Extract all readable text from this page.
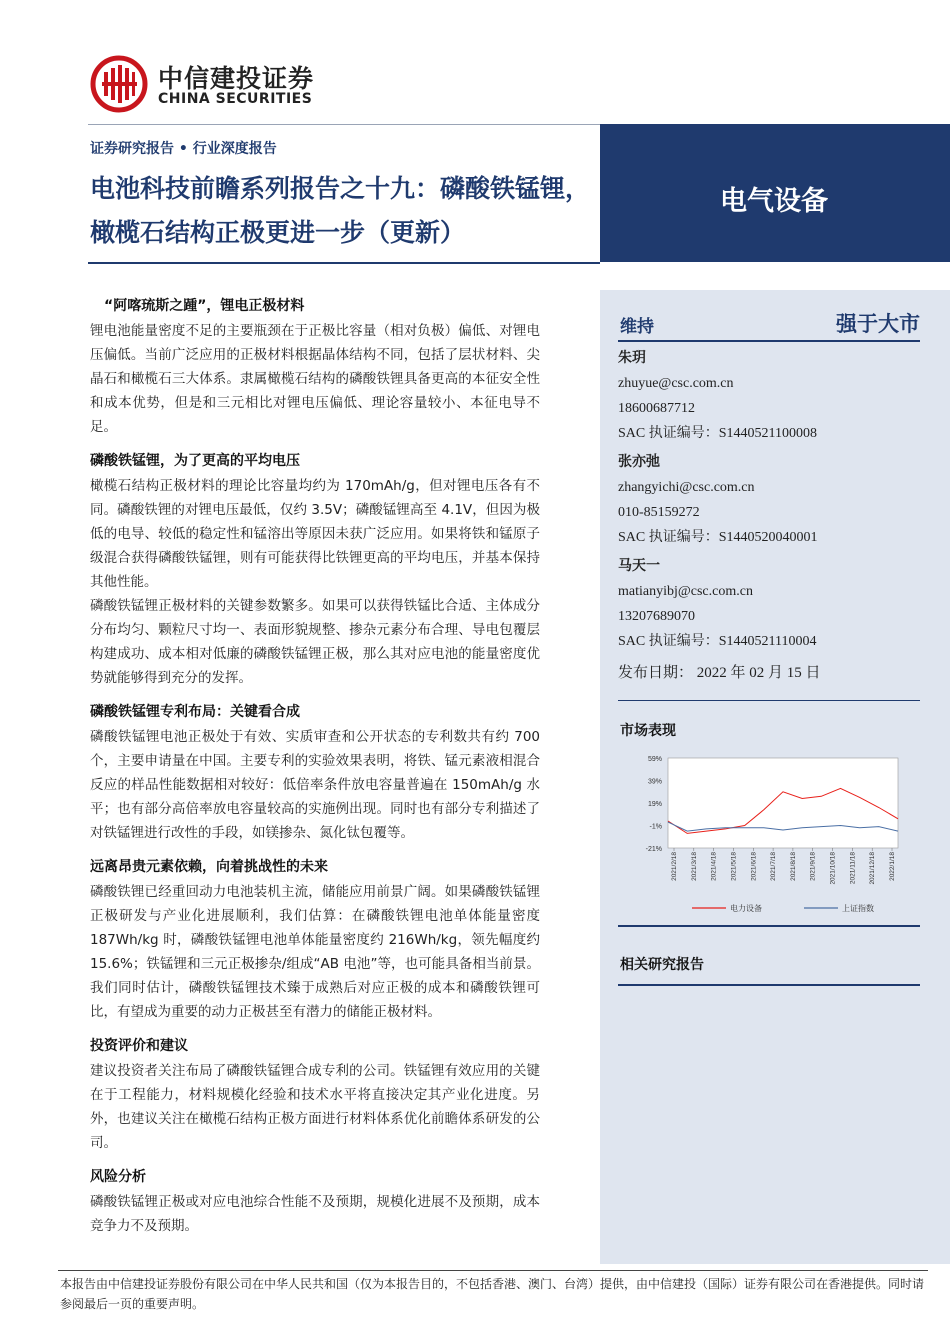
中信建投证券
CHINA SECURITIES
证券研究报告 • 行业深度报告
电池科技前瞻系列报告之十九：磷酸铁锰锂，橄榄石结构正极更进一步（更新）
电气设备
“阿喀琉斯之踵”，锂电正极材料
锂电池能量密度不足的主要瓶颈在于正极比容量（相对负极）偏低、对锂电压偏低。当前广泛应用的正极材料根据晶体结构不同，包括了层状材料、尖晶石和橄榄石三大体系。隶属橄榄石结构的磷酸铁锂具备更高的本征安全性和成本优势，但是和三元相比对锂电压偏低、理论容量较小、本征电导不足。
磷酸铁锰锂，为了更高的平均电压
橄榄石结构正极材料的理论比容量均约为 170mAh/g，但对锂电压各有不同。磷酸铁锂的对锂电压最低，仅约 3.5V；磷酸锰锂高至 4.1V，但因为极低的电导、较低的稳定性和锰溶出等原因未获广泛应用。如果将铁和锰原子级混合获得磷酸铁锰锂，则有可能获得比铁锂更高的平均电压，并基本保持其他性能。
磷酸铁锰锂正极材料的关键参数繁多。如果可以获得铁锰比合适、主体成分分布均匀、颗粒尺寸均一、表面形貌规整、掺杂元素分布合理、导电包覆层构建成功、成本相对低廉的磷酸铁锰锂正极，那么其对应电池的能量密度优势就能够得到充分的发挥。
磷酸铁锰锂专利布局：关键看合成
磷酸铁锰锂电池正极处于有效、实质审查和公开状态的专利数共有约 700 个，主要申请量在中国。主要专利的实验效果表明，将铁、锰元素液相混合反应的样品性能数据相对较好：低倍率条件放电容量普遍在 150mAh/g 水平；也有部分高倍率放电容量较高的实施例出现。同时也有部分专利描述了对铁锰锂进行改性的手段，如镁掺杂、氮化钛包覆等。
远离昂贵元素依赖，向着挑战性的未来
磷酸铁锂已经重回动力电池装机主流，储能应用前景广阔。如果磷酸铁锰锂正极研发与产业化进展顺利，我们估算：在磷酸铁锂电池单体能量密度 187Wh/kg 时，磷酸铁锰锂电池单体能量密度约 216Wh/kg，领先幅度约 15.6%；铁锰锂和三元正极掺杂/组成“AB 电池”等，也可能具备相当前景。我们同时估计，磷酸铁锰锂技术臻于成熟后对应正极的成本和磷酸铁锂可比，有望成为重要的动力正极甚至有潜力的储能正极材料。
投资评价和建议
建议投资者关注布局了磷酸铁锰锂合成专利的公司。铁锰锂有效应用的关键在于工程能力，材料规模化经验和技术水平将直接决定其产业化进度。另外，也建议关注在橄榄石结构正极方面进行材料体系优化前瞻体系研发的公司。
风险分析
磷酸铁锰锂正极或对应电池综合性能不及预期，规模化进展不及预期，成本竞争力不及预期。
维持	强于大市
朱玥
zhuyue@csc.com.cn
18600687712
SAC 执证编号：S1440521100008
张亦弛
zhangyichi@csc.com.cn
010-85159272
SAC 执证编号：S1440520040001
马天一
matianyibj@csc.com.cn
13207689070
SAC 执证编号：S1440521110004
发布日期： 2022 年 02 月 15 日
市场表现
59%
39%
19%
-1%
-21%
2021/2/18 2021/3/18 2021/4/18 2021/5/18 2021/6/18 2021/7/18 2021/8/18 2021/9/18 2021/10/18 2021/11/18 2021/12/18 2022/1/18
电力设备	上证指数
相关研究报告
本报告由中信建投证券股份有限公司在中华人民共和国（仅为本报告目的，不包括香港、澳门、台湾）提供，由中信建投（国际）证券有限公司在香港提供。同时请参阅最后一页的重要声明。
